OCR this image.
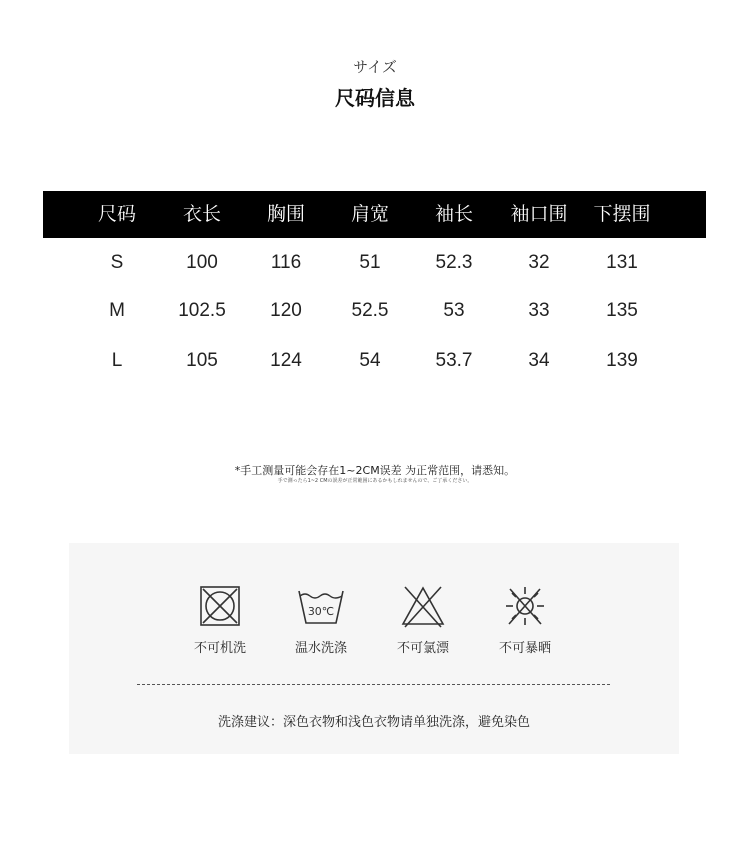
サイズ
尺码信息
尺码	衣长	胸围	肩宽	袖长	袖口围	下摆围
S	100	116	51	52.3	32	131
M	102.5	120	52.5	53	33	135
L	105	124	54	53.7	34	139
*手工测量可能会存在1~2CM误差 为正常范围，请悉知。
手で測ったら1~2 CMの誤差が正常範囲にあるかもしれませんので、ご了承ください。
不可机洗
30℃
温水洗涤	不可氯漂	不可暴晒
洗涤建议：深色衣物和浅色衣物请单独洗涤，避免染色
